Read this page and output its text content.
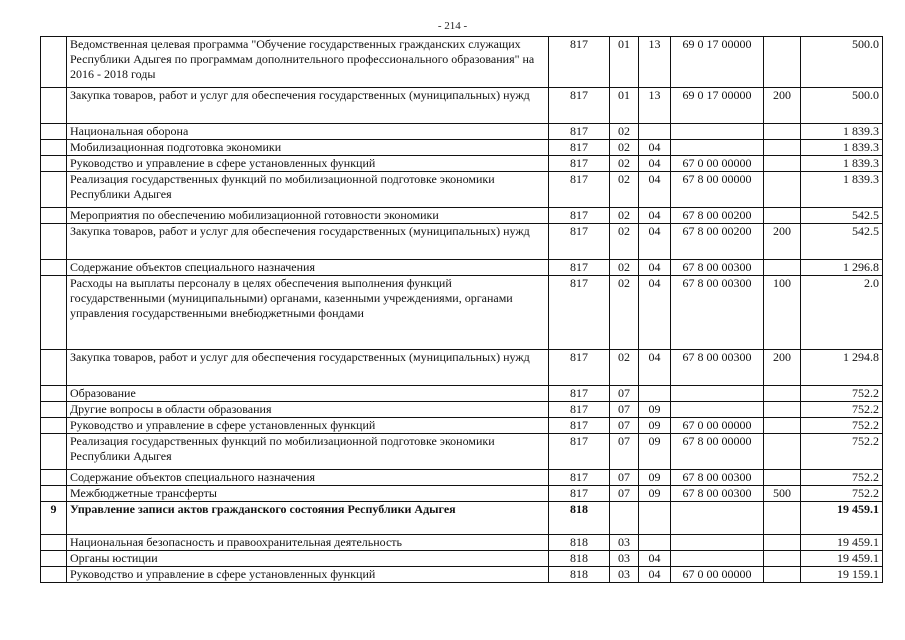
- 214 -
	Ведомственная целевая программа "Обучение государственных гражданских служащих Республики Адыгея по программам дополнительного профессионального образования" на 2016 - 2018 годы	817	01	13	69 0 17 00000		500.0
	Закупка товаров, работ и услуг для обеспечения государственных (муниципальных) нужд	817	01	13	69 0 17 00000	200	500.0
	Национальная оборона	817	02				1 839.3
	Мобилизационная подготовка экономики	817	02	04			1 839.3
	Руководство и управление в сфере установленных функций	817	02	04	67 0 00 00000		1 839.3
	Реализация государственных функций по мобилизационной подготовке экономики Республики Адыгея	817	02	04	67 8 00 00000		1 839.3
	Мероприятия по обеспечению мобилизационной готовности экономики	817	02	04	67 8 00 00200		542.5
	Закупка товаров, работ и услуг для обеспечения государственных (муниципальных) нужд	817	02	04	67 8 00 00200	200	542.5
	Содержание объектов специального назначения	817	02	04	67 8 00 00300		1 296.8
	Расходы на выплаты персоналу в целях обеспечения выполнения функций государственными (муниципальными) органами, казенными учреждениями, органами управления государственными внебюджетными фондами	817	02	04	67 8 00 00300	100	2.0
	Закупка товаров, работ и услуг для обеспечения государственных (муниципальных) нужд	817	02	04	67 8 00 00300	200	1 294.8
	Образование	817	07				752.2
	Другие вопросы в области образования	817	07	09			752.2
	Руководство и управление в сфере установленных функций	817	07	09	67 0 00 00000		752.2
	Реализация государственных функций по мобилизационной подготовке экономики Республики Адыгея	817	07	09	67 8 00 00000		752.2
	Содержание объектов специального назначения	817	07	09	67 8 00 00300		752.2
	Межбюджетные трансферты	817	07	09	67 8 00 00300	500	752.2
9	Управление записи актов гражданского состояния Республики Адыгея	818					19 459.1
	Национальная безопасность и правоохранительная деятельность	818	03				19 459.1
	Органы юстиции	818	03	04			19 459.1
	Руководство и управление в сфере установленных функций	818	03	04	67 0 00 00000		19 159.1
